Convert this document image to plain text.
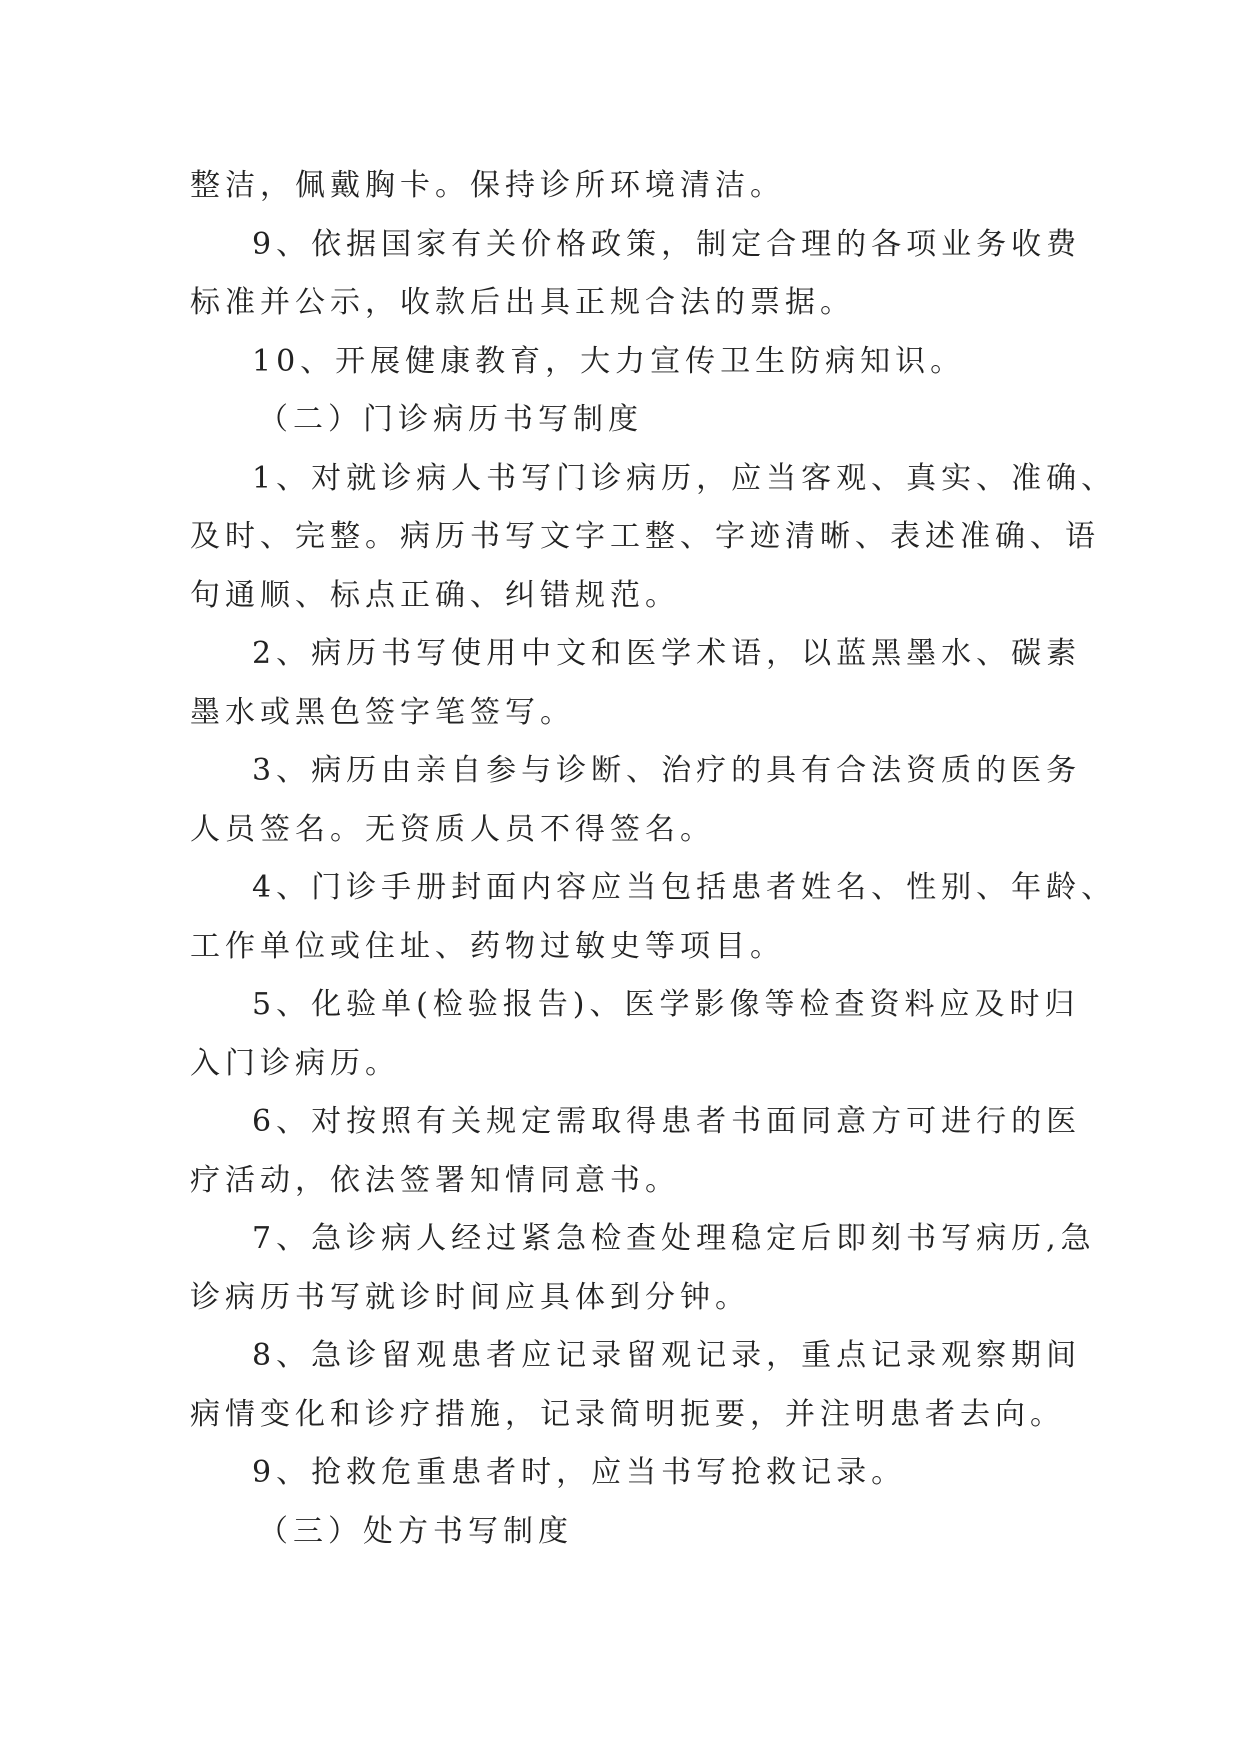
整洁，佩戴胸卡。保持诊所环境清洁。
9、依据国家有关价格政策，制定合理的各项业务收费
标准并公示，收款后出具正规合法的票据。
10、开展健康教育，大力宣传卫生防病知识。
（二）门诊病历书写制度
1、对就诊病人书写门诊病历，应当客观、真实、准确、
及时、完整。病历书写文字工整、字迹清晰、表述准确、语
句通顺、标点正确、纠错规范。
2、病历书写使用中文和医学术语，以蓝黑墨水、碳素
墨水或黑色签字笔签写。
3、病历由亲自参与诊断、治疗的具有合法资质的医务
人员签名。无资质人员不得签名。
4、门诊手册封面内容应当包括患者姓名、性别、年龄、
工作单位或住址、药物过敏史等项目。
5、化验单(检验报告)、医学影像等检查资料应及时归
入门诊病历。
6、对按照有关规定需取得患者书面同意方可进行的医
疗活动，依法签署知情同意书。
7、急诊病人经过紧急检查处理稳定后即刻书写病历,急
诊病历书写就诊时间应具体到分钟。
8、急诊留观患者应记录留观记录，重点记录观察期间
病情变化和诊疗措施，记录简明扼要，并注明患者去向。
9、抢救危重患者时，应当书写抢救记录。
（三）处方书写制度
